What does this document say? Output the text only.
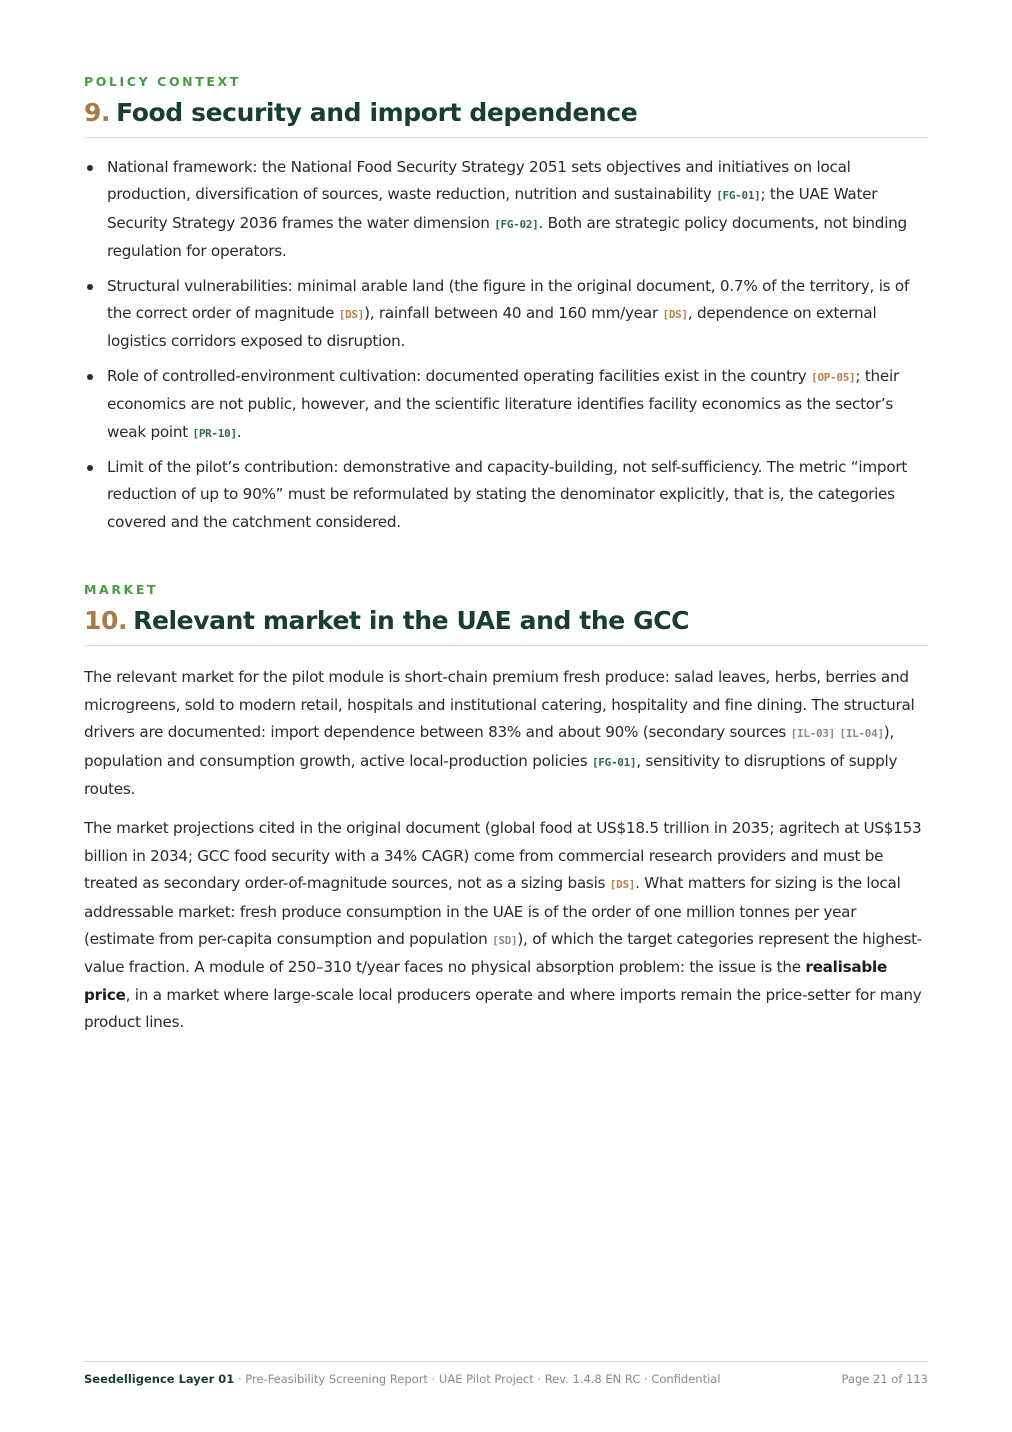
POLICY CONTEXT

9. Food security and import dependence
National framework: the National Food Security Strategy 2051 sets objectives and initiatives on local production, diversification of sources, waste reduction, nutrition and sustainability [FG-01]; the UAE Water Security Strategy 2036 frames the water dimension [FG-02]. Both are strategic policy documents, not binding regulation for operators.
Structural vulnerabilities: minimal arable land (the figure in the original document, 0.7% of the territory, is of the correct order of magnitude [DS]), rainfall between 40 and 160 mm/year [DS], dependence on external logistics corridors exposed to disruption.
Role of controlled-environment cultivation: documented operating facilities exist in the country [OP-05]; their economics are not public, however, and the scientific literature identifies facility economics as the sector’s weak point [PR-10].
Limit of the pilot’s contribution: demonstrative and capacity-building, not self-sufficiency. The metric “import reduction of up to 90%” must be reformulated by stating the denominator explicitly, that is, the categories covered and the catchment considered.

MARKET

10. Relevant market in the UAE and the GCC

The relevant market for the pilot module is short-chain premium fresh produce: salad leaves, herbs, berries and microgreens, sold to modern retail, hospitals and institutional catering, hospitality and fine dining. The structural drivers are documented: import dependence between 83% and about 90% (secondary sources [IL-03] [IL-04]), population and consumption growth, active local-production policies [FG-01], sensitivity to disruptions of supply routes.

The market projections cited in the original document (global food at US$18.5 trillion in 2035; agritech at US$153 billion in 2034; GCC food security with a 34% CAGR) come from commercial research providers and must be treated as secondary order-of-magnitude sources, not as a sizing basis [DS]. What matters for sizing is the local addressable market: fresh produce consumption in the UAE is of the order of one million tonnes per year (estimate from per-capita consumption and population [SD]), of which the target categories represent the highest-value fraction. A module of 250–310 t/year faces no physical absorption problem: the issue is the realisable price, in a market where large-scale local producers operate and where imports remain the price-setter for many product lines.

Seedelligence Layer 01 · Pre-Feasibility Screening Report · UAE Pilot Project · Rev. 1.4.8 EN RC · Confidential	Page 21 of 113
